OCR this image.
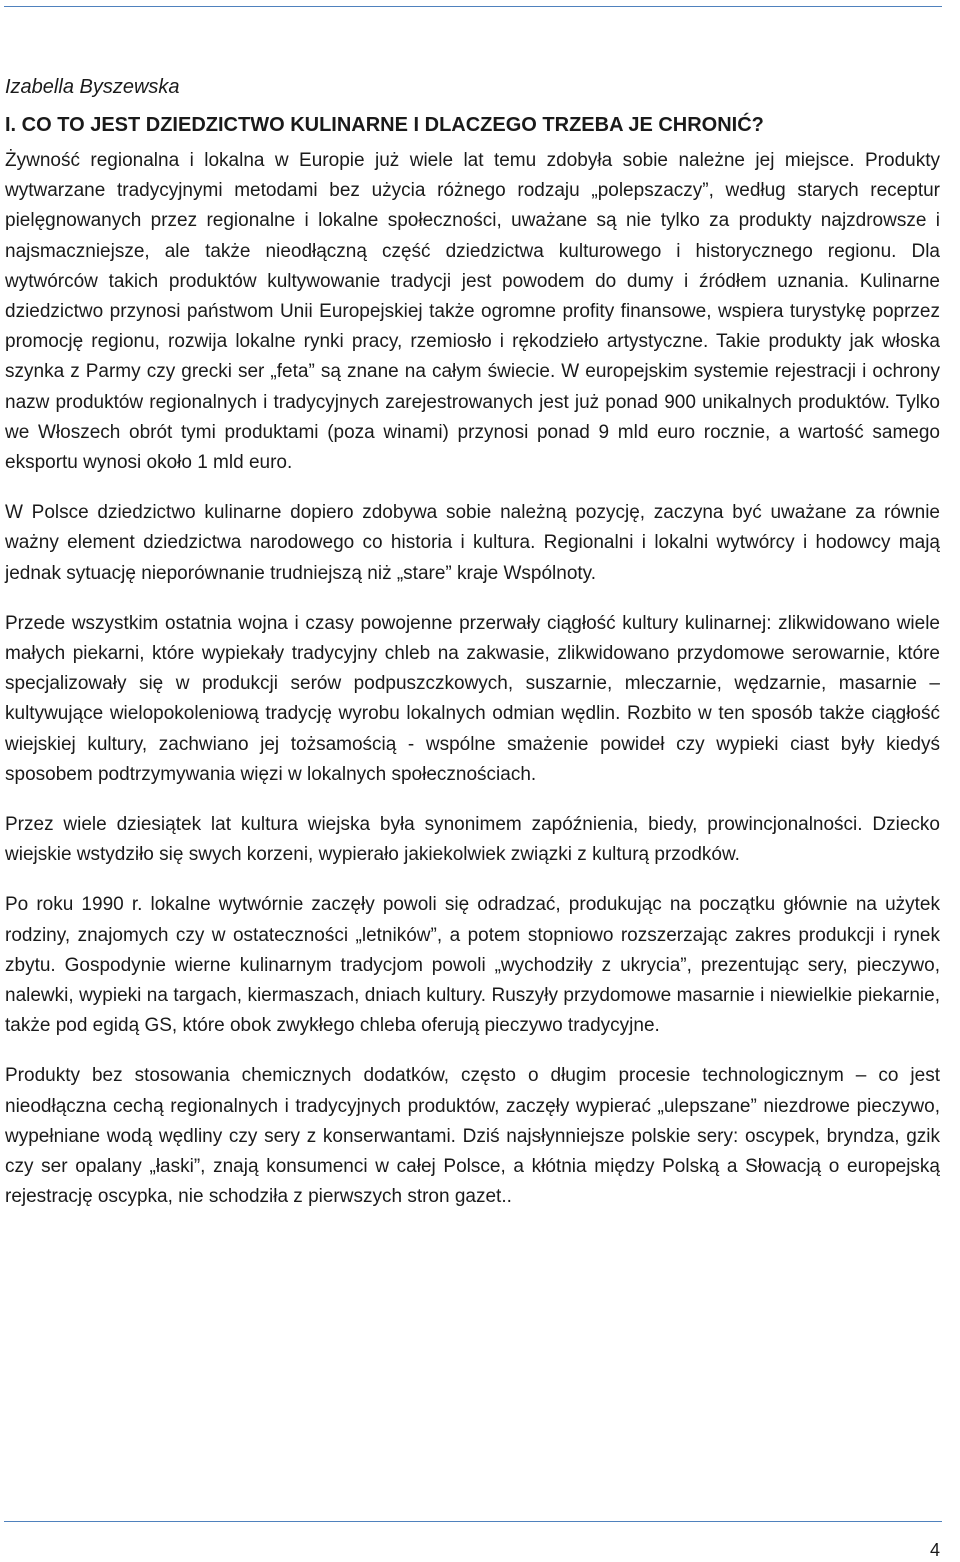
Izabella Byszewska
I. CO TO JEST DZIEDZICTWO KULINARNE I DLACZEGO TRZEBA JE CHRONIĆ?

Żywność regionalna i lokalna w Europie już wiele lat temu zdobyła sobie należne jej miejsce. Produkty wytwarzane tradycyjnymi metodami bez użycia różnego rodzaju „polepszaczy”, według starych receptur pielęgnowanych przez regionalne i lokalne społeczności, uważane są nie tylko za produkty najzdrowsze i najsmaczniejsze, ale także nieodłączną część dziedzictwa kulturowego i historycznego regionu. Dla wytwórców takich produktów kultywowanie tradycji jest powodem do dumy i źródłem uznania. Kulinarne dziedzictwo przynosi państwom Unii Europejskiej także ogromne profity finansowe, wspiera turystykę poprzez promocję regionu, rozwija lokalne rynki pracy, rzemiosło i rękodzieło artystyczne. Takie produkty jak włoska szynka z Parmy czy grecki ser „feta” są znane na całym świecie. W europejskim systemie rejestracji i ochrony nazw produktów regionalnych i tradycyjnych zarejestrowanych jest już ponad 900 unikalnych produktów. Tylko we Włoszech obrót tymi produktami (poza winami) przynosi ponad 9 mld euro rocznie, a wartość samego eksportu wynosi około 1 mld euro.

W Polsce dziedzictwo kulinarne dopiero zdobywa sobie należną pozycję, zaczyna być uważane za równie ważny element dziedzictwa narodowego co historia i kultura. Regionalni i lokalni wytwórcy i hodowcy mają jednak sytuację nieporównanie trudniejszą niż „stare” kraje Wspólnoty.

Przede wszystkim ostatnia wojna i czasy powojenne przerwały ciągłość kultury kulinarnej: zlikwidowano wiele małych piekarni, które wypiekały tradycyjny chleb na zakwasie, zlikwidowano przydomowe serowarnie, które specjalizowały się w produkcji serów podpuszczkowych, suszarnie, mleczarnie, wędzarnie, masarnie – kultywujące wielopokoleniową tradycję wyrobu lokalnych odmian wędlin. Rozbito w ten sposób także ciągłość wiejskiej kultury, zachwiano jej tożsamością - wspólne smażenie powideł czy wypieki ciast były kiedyś sposobem podtrzymywania więzi w lokalnych społecznościach.

Przez wiele dziesiątek lat kultura wiejska była synonimem zapóźnienia, biedy, prowincjonalności. Dziecko wiejskie wstydziło się swych korzeni, wypierało jakiekolwiek związki z kulturą przodków.

Po roku 1990 r. lokalne wytwórnie zaczęły powoli się odradzać, produkując na początku głównie na użytek rodziny, znajomych czy w ostateczności „letników”, a potem stopniowo rozszerzając zakres produkcji i rynek zbytu. Gospodynie wierne kulinarnym tradycjom powoli „wychodziły z ukrycia”, prezentując sery, pieczywo, nalewki, wypieki na targach, kiermaszach, dniach kultury. Ruszyły przydomowe masarnie i niewielkie piekarnie, także pod egidą GS, które obok zwykłego chleba oferują pieczywo tradycyjne.

Produkty bez stosowania chemicznych dodatków, często o długim procesie technologicznym – co jest nieodłączna cechą regionalnych i tradycyjnych produktów, zaczęły wypierać „ulepszane” niezdrowe pieczywo, wypełniane wodą wędliny czy sery z konserwantami. Dziś najsłynniejsze polskie sery: oscypek, bryndza, gzik czy ser opalany „łaski”, znają konsumenci w całej Polsce, a kłótnia między Polską a Słowacją o europejską rejestrację oscypka, nie schodziła z pierwszych stron gazet..

4
